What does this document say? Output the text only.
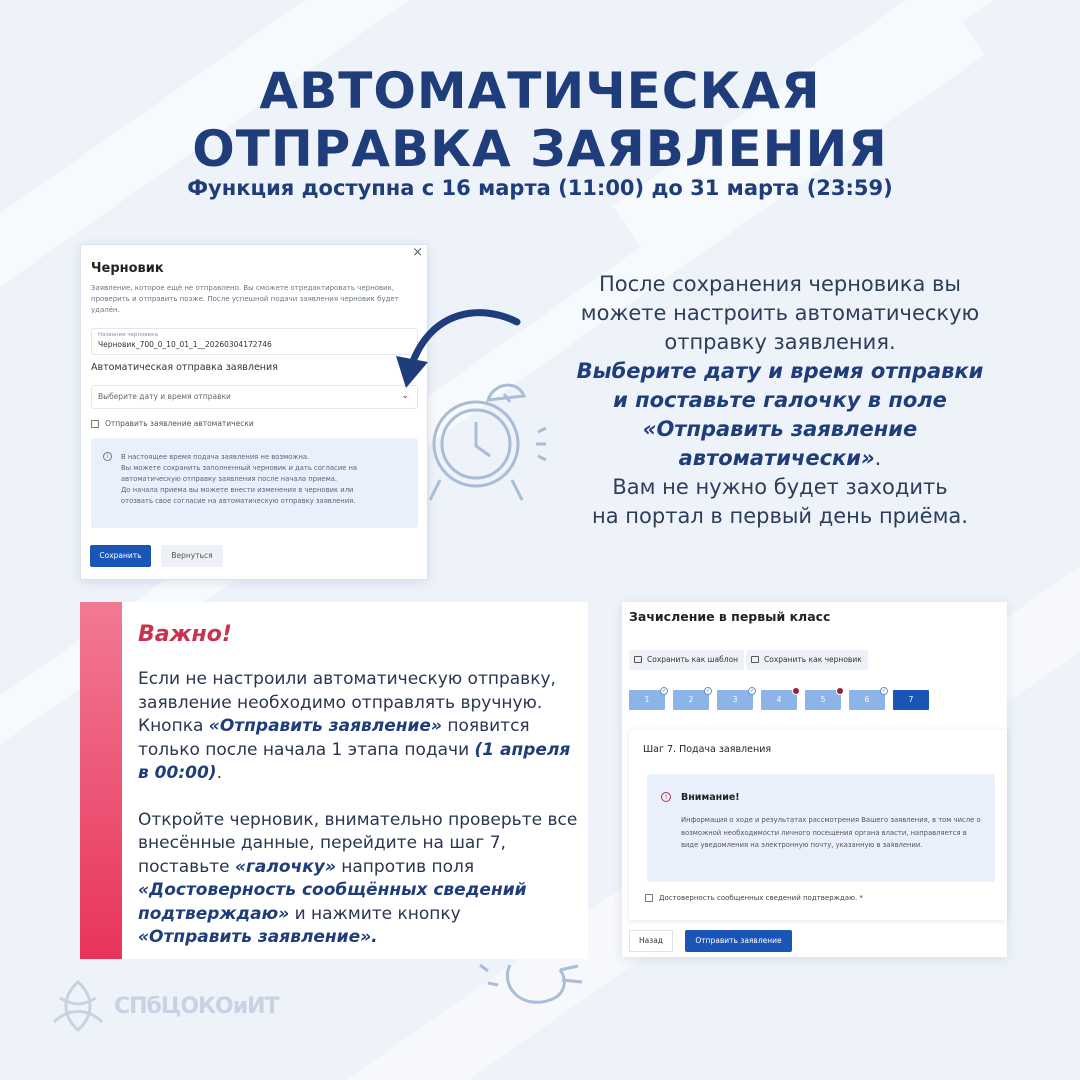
АВТОМАТИЧЕСКАЯ
ОТПРАВКА ЗАЯВЛЕНИЯ
Функция доступна с 16 марта (11:00) до 31 марта (23:59)
×
Черновик
Заявление, которое ещё не отправлено. Вы сможете отредактировать черновик, проверить и отправить позже. После успешной подачи заявления черновик будет удалён.
Название черновика
Черновик_700_0_10_01_1__20260304172746
Автоматическая отправка заявления
Выберите дату и время отправки	⌄
Отправить заявление автоматически
i	В настоящее время подача заявления не возможна.
Вы можете сохранить заполненный черновик и дать согласие на
автоматическую отправку заявления после начала приема.
До начала приема вы можете внести изменения в черновик или
отозвать свое согласие на автоматическую отправку заявления.
Сохранить	Вернуться
После сохранения черновика вы
можете настроить автоматическую
отправку заявления.
Выберите дату и время отправки
и поставьте галочку в поле
«Отправить заявление
автоматически».
Вам не нужно будет заходить
на портал в первый день приёма.
Важно!

Если не настроили автоматическую отправку, заявление необходимо отправлять вручную. Кнопка «Отправить заявление» появится только после начала 1 этапа подачи (1 апреля в 00:00).

Откройте черновик, внимательно проверьте все внесённые данные, перейдите на шаг 7, поставьте «галочку» напротив поля «Достоверность сообщённых сведений подтверждаю» и нажмите кнопку «Отправить заявление».

Зачисление в первый класс
Сохранить как шаблон	Сохранить как черновик
1
✓
2
✓
3
✓
4	5	6
✓
7
Шаг 7. Подача заявления
!	Внимание!
Информация о ходе и результатах рассмотрения Вашего заявления, в том числе о возможной необходимости личного посещения органа власти, направляется в виде уведомления на электронную почту, указанную в заявлении.
Достоверность сообщенных сведений подтверждаю. *
Назад	Отправить заявление
СПбЦОКОиИТ
